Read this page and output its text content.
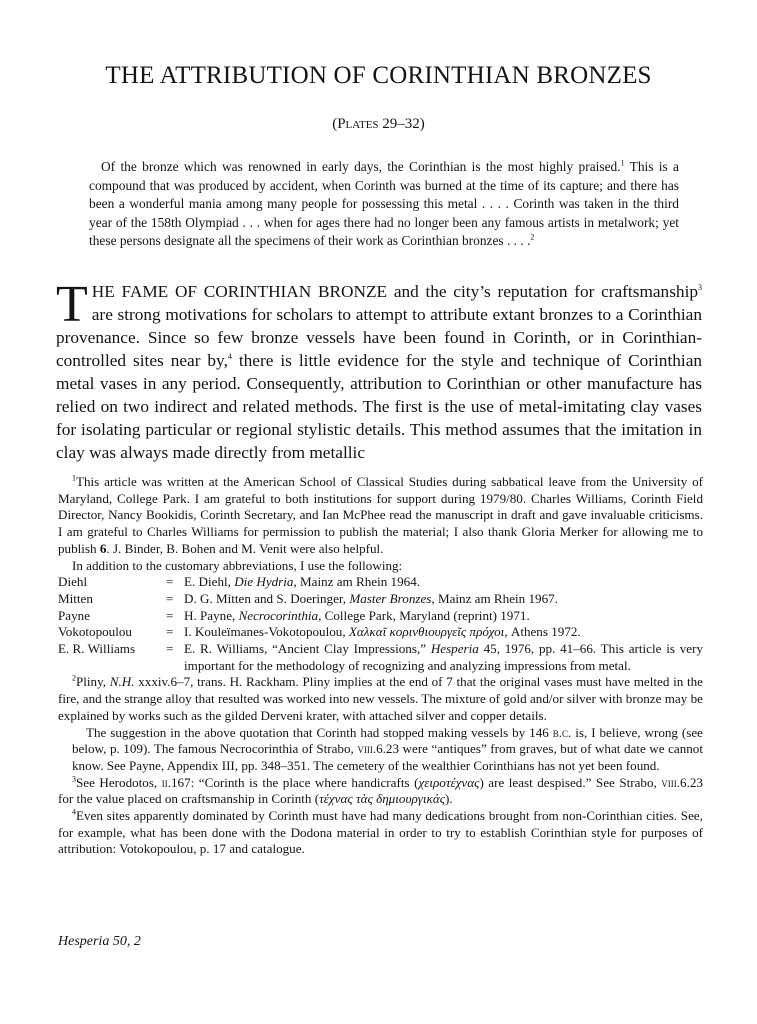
THE ATTRIBUTION OF CORINTHIAN BRONZES
(Plates 29–32)
Of the bronze which was renowned in early days, the Corinthian is the most highly praised.$^1$ This is a compound that was produced by accident, when Corinth was burned at the time of its capture; and there has been a wonderful mania among many people for possessing this metal . . . . Corinth was taken in the third year of the 158th Olympiad . . . when for ages there had no longer been any famous artists in metalwork; yet these persons designate all the specimens of their work as Corinthian bronzes . . . .$^2$
THE FAME OF CORINTHIAN BRONZE and the city’s reputation for craftsmanship$^3$ are strong motivations for scholars to attempt to attribute extant bronzes to a Corinthian provenance. Since so few bronze vessels have been found in Corinth, or in Corinthian-controlled sites near by,$^4$ there is little evidence for the style and technique of Corinthian metal vases in any period. Consequently, attribution to Corinthian or other manufacture has relied on two indirect and related methods. The first is the use of metal-imitating clay vases for isolating particular or regional stylistic details. This method assumes that the imitation in clay was always made directly from metallic

$^1$This article was written at the American School of Classical Studies during sabbatical leave from the University of Maryland, College Park. I am grateful to both institutions for support during 1979/80. Charles Williams, Corinth Field Director, Nancy Bookidis, Corinth Secretary, and Ian McPhee read the manuscript in draft and gave invaluable criticisms. I am grateful to Charles Williams for permission to publish the material; I also thank Gloria Merker for allowing me to publish 6. J. Binder, B. Bohen and M. Venit were also helpful.

In addition to the customary abbreviations, I use the following:

Diehl	= E. Diehl, Die Hydria, Mainz am Rhein 1964.
Mitten	= D. G. Mitten and S. Doeringer, Master Bronzes, Mainz am Rhein 1967.
Payne	= H. Payne, Necrocorinthia, College Park, Maryland (reprint) 1971.
Vokotopoulou	= I. Kouleïmanes-Vokotopoulou, Χαλκαῖ κορινθιουργεῖς πρόχοι, Athens 1972.
E. R. Williams	= E. R. Williams, “Ancient Clay Impressions,” Hesperia 45, 1976, pp. 41–66. This article is very important for the methodology of recognizing and analyzing impressions from metal.

$^2$Pliny, N.H. xxxiv.6–7, trans. H. Rackham. Pliny implies at the end of 7 that the original vases must have melted in the fire, and the strange alloy that resulted was worked into new vessels. The mixture of gold and/or silver with bronze may be explained by works such as the gilded Derveni krater, with attached silver and copper details.

The suggestion in the above quotation that Corinth had stopped making vessels by 146 b.c. is, I believe, wrong (see below, p. 109). The famous Necrocorinthia of Strabo, viii.6.23 were “antiques” from graves, but of what date we cannot know. See Payne, Appendix III, pp. 348–351. The cemetery of the wealthier Corinthians has not yet been found.

$^3$See Herodotos, ii.167: “Corinth is the place where handicrafts (χειροτέχνας) are least despised.” See Strabo, viii.6.23 for the value placed on craftsmanship in Corinth (τέχνας τὰς δημιουργικάς).

$^4$Even sites apparently dominated by Corinth must have had many dedications brought from non-Corinthian cities. See, for example, what has been done with the Dodona material in order to try to establish Corinthian style for purposes of attribution: Votokopoulou, p. 17 and catalogue.

Hesperia 50, 2
